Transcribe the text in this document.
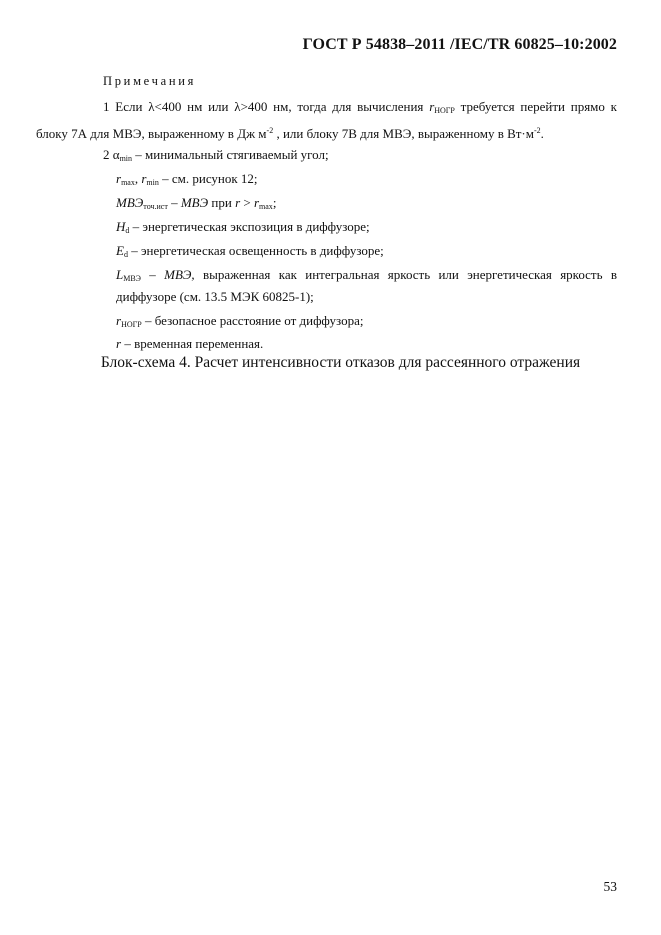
ГОСТ Р 54838–2011 /IEC/TR 60825–10:2002
Примечания
1 Если λ<400 нм или λ>400 нм, тогда для вычисления $r_{НОГР}$ требуется перейти прямо к
блоку 7А для МВЭ, выраженному в Дж $м^{-2}$ , или блоку 7В для МВЭ, выраженному в $Вт\cdot м^{-2}$.
2 $\alpha_{min}$ – минимальный стягиваемый угол;
$r_{max}$, $r_{min}$ – см. рисунок 12;
$МВЭ_{точ.ист}$ – МВЭ при $r > r_{max}$;
$H_d$ – энергетическая экспозиция в диффузоре;
$E_d$ – энергетическая освещенность в диффузоре;
$L_{МВЭ}$ – МВЭ, выраженная как интегральная яркость или энергетическая яркость в
диффузоре (см. 13.5 МЭК 60825-1);
$r_{НОГР}$ – безопасное расстояние от диффузора;
r – временная переменная.
Блок-схема 4. Расчет интенсивности отказов для рассеянного отражения
53
